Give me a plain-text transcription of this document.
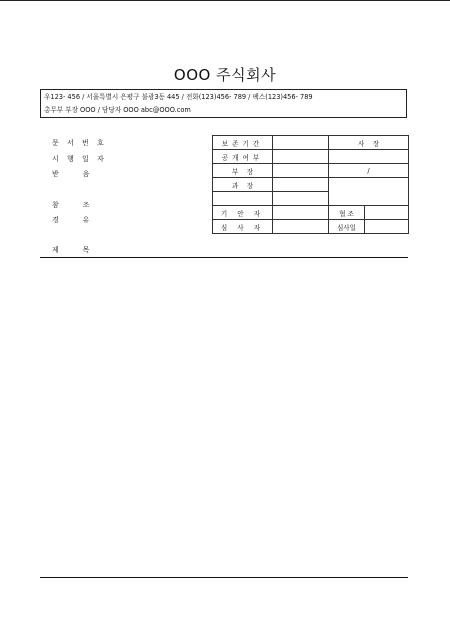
OOO 주식회사
우123- 456 / 서울특별시 은평구 불광3동 445 / 전화(123)456- 789 / 팩스(123)456- 789
총무부 부장 OOO / 담당자 OOO abc@OOO.com
문 서 번 호
시 행 일 자
받    음
참    조
경    유
제    목
보존기간		사    장	
공개여부			
부    장		/	
과    장			

기 안 자		협 조	
심 사 자		심사일	
